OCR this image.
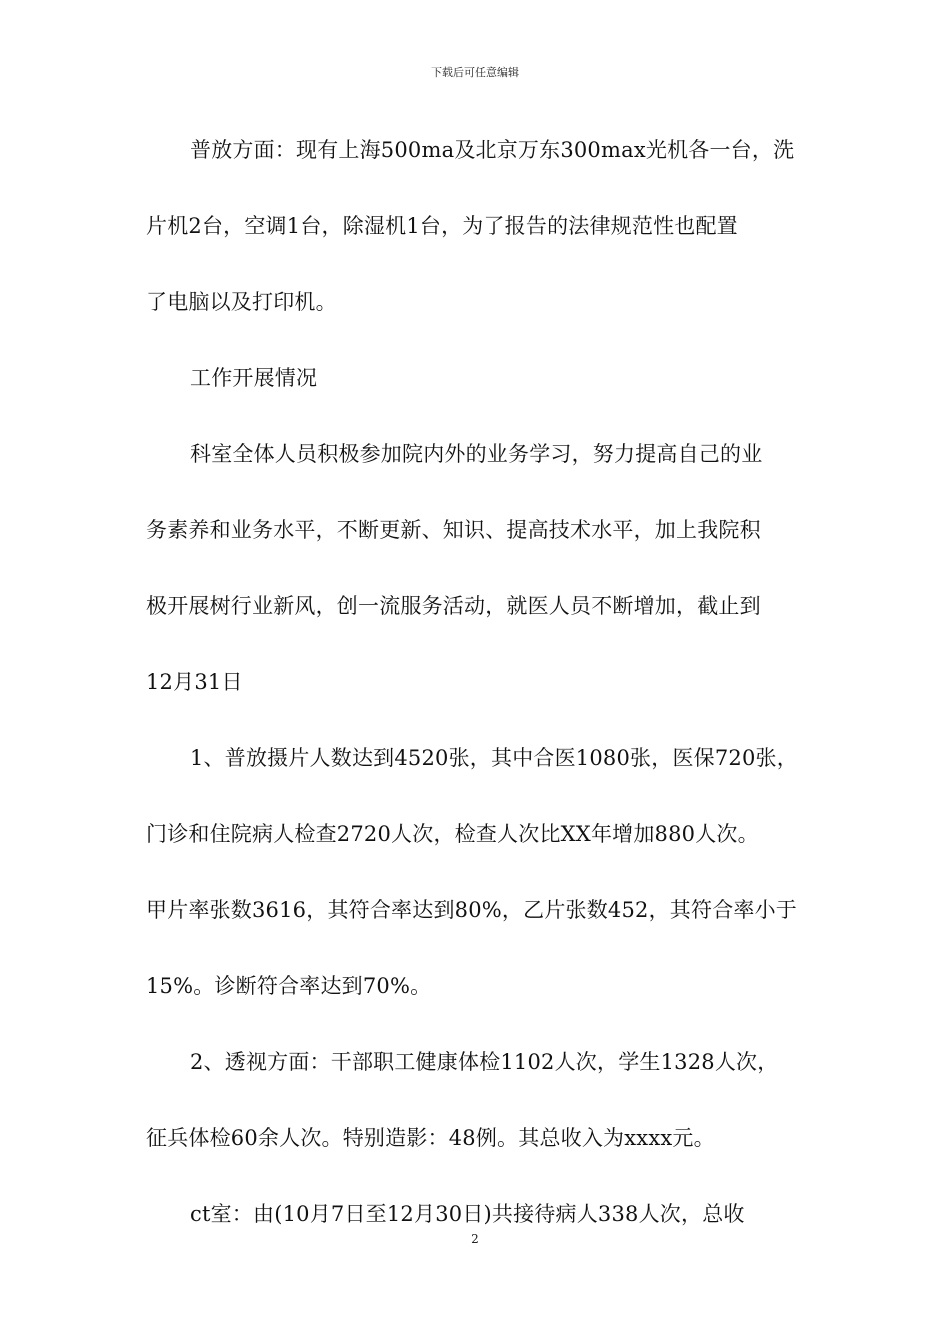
下载后可任意编辑
普放方面：现有上海500ma及北京万东300max光机各一台，洗
片机2台，空调1台，除湿机1台，为了报告的法律规范性也配置
了电脑以及打印机。
工作开展情况
科室全体人员积极参加院内外的业务学习，努力提高自己的业
务素养和业务水平，不断更新、知识、提高技术水平，加上我院积
极开展树行业新风，创一流服务活动，就医人员不断增加，截止到
12月31日
1、普放摄片人数达到4520张，其中合医1080张，医保720张，
门诊和住院病人检查2720人次，检查人次比XX年增加880人次。
甲片率张数3616，其符合率达到80%，乙片张数452，其符合率小于
15%。诊断符合率达到70%。
2、透视方面：干部职工健康体检1102人次，学生1328人次，
征兵体检60余人次。特别造影：48例。其总收入为xxxx元。
ct室：由(10月7日至12月30日)共接待病人338人次，总收
2
